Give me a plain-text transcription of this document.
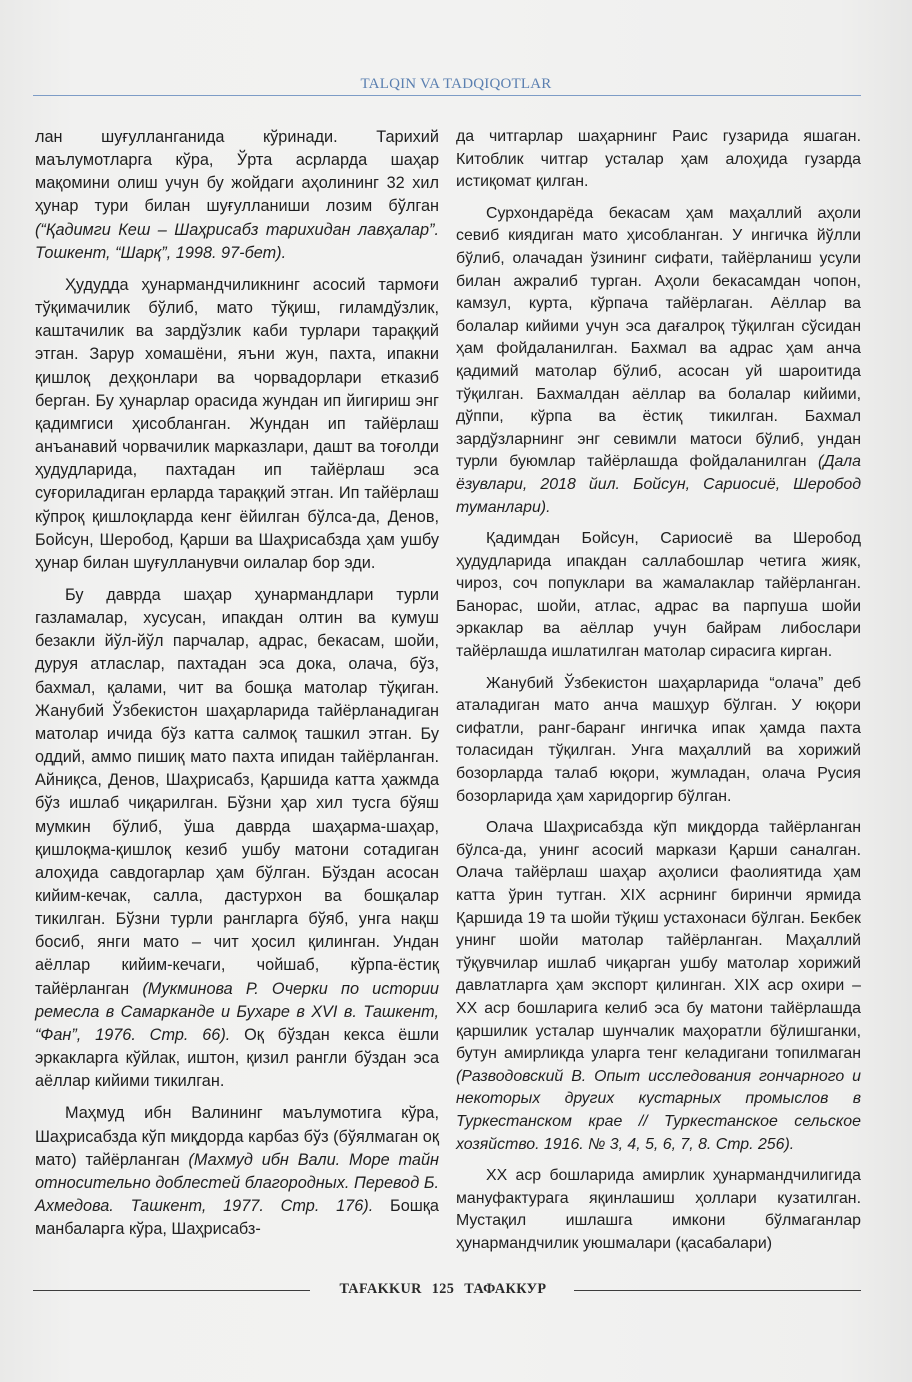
TALQIN VA TADQIQOTLAR

лан шуғулланганида кўринади. Тарихий маълумотларга кўра, Ўрта асрларда шаҳар мақомини олиш учун бу жойдаги аҳолининг 32 хил ҳунар тури билан шуғулланиши лозим бўлган (“Қадимги Кеш – Шаҳрисабз тарихидан лавҳалар”. Тошкент, “Шарқ”, 1998. 97-бет).

Ҳудудда ҳунармандчиликнинг асосий тармоғи тўқимачилик бўлиб, мато тўқиш, гиламдўзлик, каштачилик ва зардўзлик каби турлари тараққий этган. Зарур хомашёни, яъни жун, пахта, ипакни қишлоқ деҳқонлари ва чорвадорлари етказиб берган. Бу ҳунарлар орасида жундан ип йигириш энг қадимгиси ҳисобланган. Жундан ип тайёрлаш анъанавий чорвачилик марказлари, дашт ва тоғолди ҳудудларида, пахтадан ип тайёрлаш эса суғориладиган ерларда тараққий этган. Ип тайёрлаш кўпроқ қишлоқларда кенг ёйилган бўлса-да, Денов, Бойсун, Шеробод, Қарши ва Шаҳрисабзда ҳам ушбу ҳунар билан шуғулланувчи оилалар бор эди.

Бу даврда шаҳар ҳунармандлари турли газламалар, хусусан, ипакдан олтин ва кумуш безакли йўл-йўл парчалар, адрас, бекасам, шойи, дуруя атласлар, пахтадан эса дока, олача, бўз, бахмал, қалами, чит ва бошқа матолар тўқиган. Жанубий Ўзбекистон шаҳарларида тайёрланадиган матолар ичида бўз катта салмоқ ташкил этган. Бу оддий, аммо пишиқ мато пахта ипидан тайёрланган. Айниқса, Денов, Шаҳрисабз, Қаршида катта ҳажмда бўз ишлаб чиқарилган. Бўзни ҳар хил тусга бўяш мумкин бўлиб, ўша даврда шаҳарма-шаҳар, қишлоқма-қишлоқ кезиб ушбу матони сотадиган алоҳида савдогарлар ҳам бўлган. Бўздан асосан кийим-кечак, салла, дастурхон ва бошқалар тикилган. Бўзни турли рангларга бўяб, унга нақш босиб, янги мато – чит ҳосил қилинган. Ундан аёллар кийим-кечаги, чойшаб, кўрпа-ёстиқ тайёрланган (Мукминова Р. Очерки по истории ремесла в Самарканде и Бухаре в XVI в. Ташкент, “Фан”, 1976. Стр. 66). Оқ бўздан кекса ёшли эркакларга кўйлак, иштон, қизил рангли бўздан эса аёллар кийими тикилган.

Маҳмуд ибн Валининг маълумотига кўра, Шаҳрисабзда кўп миқдорда карбаз бўз (бўялмаган оқ мато) тайёрланган (Махмуд ибн Вали. Море тайн относительно доблестей благородных. Перевод Б. Ахмедова. Ташкент, 1977. Стр. 176). Бошқа манбаларга кўра, Шаҳрисабз-

да читгарлар шаҳарнинг Раис гузарида яшаган. Китоблик читгар усталар ҳам алоҳида гузарда истиқомат қилган.

Сурхондарёда бекасам ҳам маҳаллий аҳоли севиб киядиган мато ҳисобланган. У ингичка йўлли бўлиб, олачадан ўзининг сифати, тайёрланиш усули билан ажралиб турган. Аҳоли бекасамдан чопон, камзул, курта, кўрпача тайёрлаган. Аёллар ва болалар кийими учун эса дағалроқ тўқилган сўсидан ҳам фойдаланилган. Бахмал ва адрас ҳам анча қадимий матолар бўлиб, асосан уй шароитида тўқилган. Бахмалдан аёллар ва болалар кийими, дўппи, кўрпа ва ёстиқ тикилган. Бахмал зардўзларнинг энг севимли матоси бўлиб, ундан турли буюмлар тайёрлашда фойдаланилган (Дала ёзувлари, 2018 йил. Бойсун, Сариосиё, Шеробод туманлари).

Қадимдан Бойсун, Сариосиё ва Шеробод ҳудудларида ипакдан саллабошлар четига жияк, чироз, соч попуклари ва жамалаклар тайёрланган. Банорас, шойи, атлас, адрас ва парпуша шойи эркаклар ва аёллар учун байрам либослари тайёрлашда ишлатилган матолар сирасига кирган.

Жанубий Ўзбекистон шаҳарларида “олача” деб аталадиган мато анча машҳур бўлган. У юқори сифатли, ранг-баранг ингичка ипак ҳамда пахта толасидан тўқилган. Унга маҳаллий ва хорижий бозорларда талаб юқори, жумладан, олача Русия бозорларида ҳам харидоргир бўлган.

Олача Шаҳрисабзда кўп миқдорда тайёрланган бўлса-да, унинг асосий маркази Қарши саналган. Олача тайёрлаш шаҳар аҳолиси фаолиятида ҳам катта ўрин тутган. XIX асрнинг биринчи ярмида Қаршида 19 та шойи тўқиш устахонаси бўлган. Бекбек унинг шойи матолар тайёрланган. Маҳаллий тўқувчилар ишлаб чиқарган ушбу матолар хорижий давлатларга ҳам экспорт қилинган. XIX аср охири – XX аср бошларига келиб эса бу матони тайёрлашда қаршилик усталар шунчалик маҳоратли бўлишганки, бутун амирликда уларга тенг келадигани топилмаган (Разводовский В. Опыт исследования гончарного и некоторых других кустарных промыслов в Туркестанском крае // Туркестанское сельское хозяйство. 1916. № 3, 4, 5, 6, 7, 8. Стр. 256).

XX аср бошларида амирлик ҳунармандчилигида мануфактурага яқинлашиш ҳоллари кузатилган. Мустақил ишлашга имкони бўлмаганлар ҳунармандчилик уюшмалари (қасабалари)

TAFAKKUR 125 ТАФАККУР
